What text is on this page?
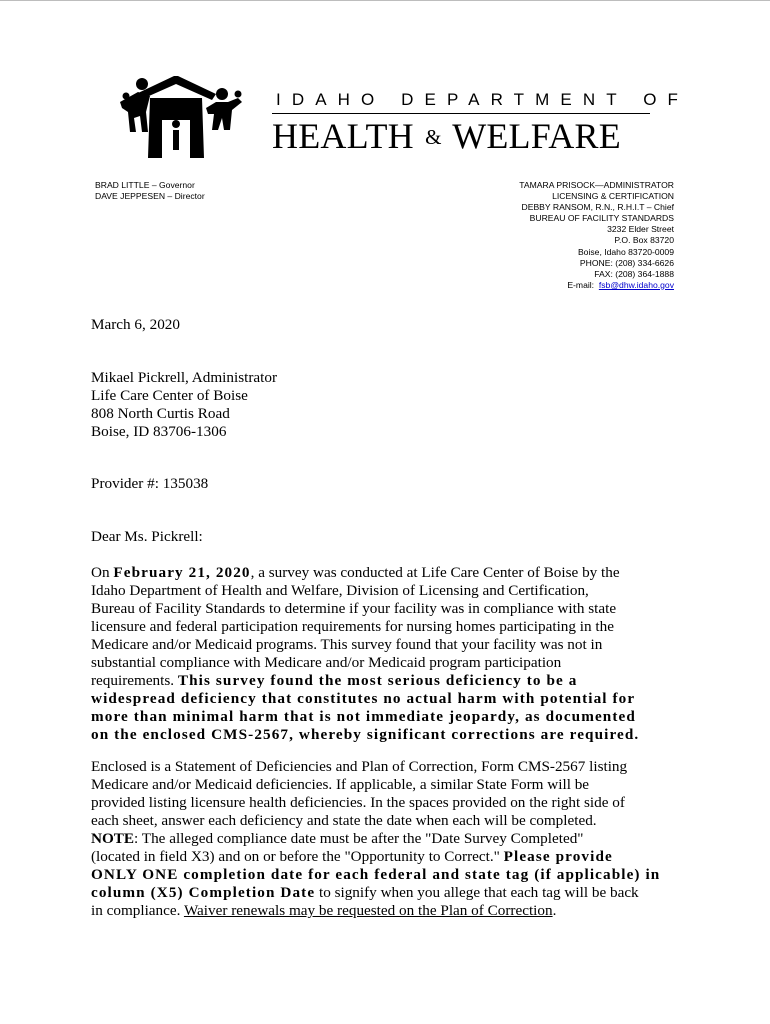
IDAHO DEPARTMENT OF
HEALTH & WELFARE
BRAD LITTLE – Governor
DAVE JEPPESEN – Director
TAMARA PRISOCK—ADMINISTRATOR
LICENSING & CERTIFICATION
DEBBY RANSOM, R.N., R.H.I.T – Chief
BUREAU OF FACILITY STANDARDS
3232 Elder Street
P.O. Box 83720
Boise, Idaho 83720-0009
PHONE: (208) 334-6626
FAX: (208) 364-1888
E-mail: fsb@dhw.idaho.gov
March 6, 2020
Mikael Pickrell, Administrator
Life Care Center of Boise
808 North Curtis Road
Boise, ID 83706-1306
Provider #: 135038
Dear Ms. Pickrell:
On February 21, 2020, a survey was conducted at Life Care Center of Boise by the
Idaho Department of Health and Welfare, Division of Licensing and Certification,
Bureau of Facility Standards to determine if your facility was in compliance with state
licensure and federal participation requirements for nursing homes participating in the
Medicare and/or Medicaid programs. This survey found that your facility was not in
substantial compliance with Medicare and/or Medicaid program participation
requirements. This survey found the most serious deficiency to be a
widespread deficiency that constitutes no actual harm with potential for
more than minimal harm that is not immediate jeopardy, as documented
on the enclosed CMS-2567, whereby significant corrections are required.
Enclosed is a Statement of Deficiencies and Plan of Correction, Form CMS-2567 listing
Medicare and/or Medicaid deficiencies. If applicable, a similar State Form will be
provided listing licensure health deficiencies. In the spaces provided on the right side of
each sheet, answer each deficiency and state the date when each will be completed.
NOTE: The alleged compliance date must be after the "Date Survey Completed"
(located in field X3) and on or before the "Opportunity to Correct." Please provide
ONLY ONE completion date for each federal and state tag (if applicable) in
column (X5) Completion Date to signify when you allege that each tag will be back
in compliance. Waiver renewals may be requested on the Plan of Correction.
